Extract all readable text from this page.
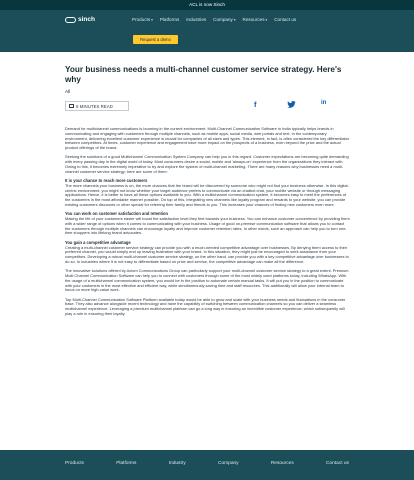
ACL is now Sinch
sinch	Products ▾ Platforms Industries Company ▾ Resources ▾ Contact us
Request a demo
Your business needs a multi-channel customer service strategy. Here's why
All
5 MINUTES READ	f	in

Demand for multichannel communications is booming in the current environment. Multi-Channel Communication Software in India typically helps brands in communicating and engaging with customers through multiple channels, such as mobile apps, social media, web portals and text. In the contemporary environment, delivering excellent customer experience is crucial for companies of all sizes and types. This element, in fact, is often considered the key differentiator between competitors. At times, customer experience and engagement have more impact on the prospects of a business, even beyond the price and the actual product offerings of the brand.

Seeking the solutions of a good Multichannel Communication System Company can help you in this regard. Customer expectations are becoming quite demanding with every passing day in the digital world of today. Most consumers desire a social, mobile and 'always-on' experience from the organizations they interact with. Owing to this, it becomes extremely imperative to try and explore the system of multi-channel marketing. There are many reasons why businesses need a multi-channel customer service strategy; here are some of them:

It is your chance to reach more customers

The more channels your business is on, the more chances that the brand will be discovered by someone who might not find your business otherwise. In this digital-centric environment, you might not know whether your target audience prefers to communicate via an chatbot chat, your mobile website or through messaging applications. Hence, it is better to have all these options available to you. With a multichannel communication system, it becomes easy to meet the preferences of the customers in the most affordable manner possible. On top of this, integrating new channels like loyalty program and rewards to your website, you can provide existing customers discounts or other special for referring their family and friends to you. This increases your chances of finding new customers even more.

You can work on customer satisfaction and retention

Making the life of your customers easier will boost the satisfaction level they feel towards your business. You can enhance customer convenience by providing them with a wider range of options when it comes to communicating with your business. Usage of good on-premise communication software that allows you to contact the customers through multiple channels can encourage loyalty and improve customer retention rates. In other words, such an approach can help you to turn one-time shoppers into lifelong brand advocates.

You gain a competitive advantage

Creating a multi-channel customer service strategy can provide you with a much-needed competitive advantage over businesses. By denying them access to their preferred channel, you would simply end up leaving frustration with your brand. In this situation, they might just be encouraged to seek assistance from your competitors. Developing a robust multi-channel customer service strategy, on the other hand, can provide you with a key competitive advantage over businesses to do so. In industries where it is not easy to differentiate based on price and service, the competitive advantage can make all the difference.

The innovative solutions offered by Axiom Communications Group can particularly support your multi-channel customer service strategy to a great extent. Premium Multi Channel Communication Software can help you to connect with customers through some of the most widely used platforms today, including WhatsApp. With the usage of a multichannel communication system, you would be in the position to automate certain manual tasks. It will put you in the position to communicate with your customers in the most effective and efficient way, while simultaneously saving time and staff resources. This additionally will allow your internal team to focus on more high-value work.

Top Multi-Channel Communication Software Platform available today would be able to grow and scale with your business needs and fluctuations in the consumer base. They also advance alongside recent technology and have the capability of switching between communication channels so you can deliver a seamless multichannel experience. Leveraging a premium multichannel platform can go a long way in ensuring an incredible customer experience; which subsequently will play a role in ensuring their loyalty.

Products	Platforms	Industry	Company	Resources	Contact us
